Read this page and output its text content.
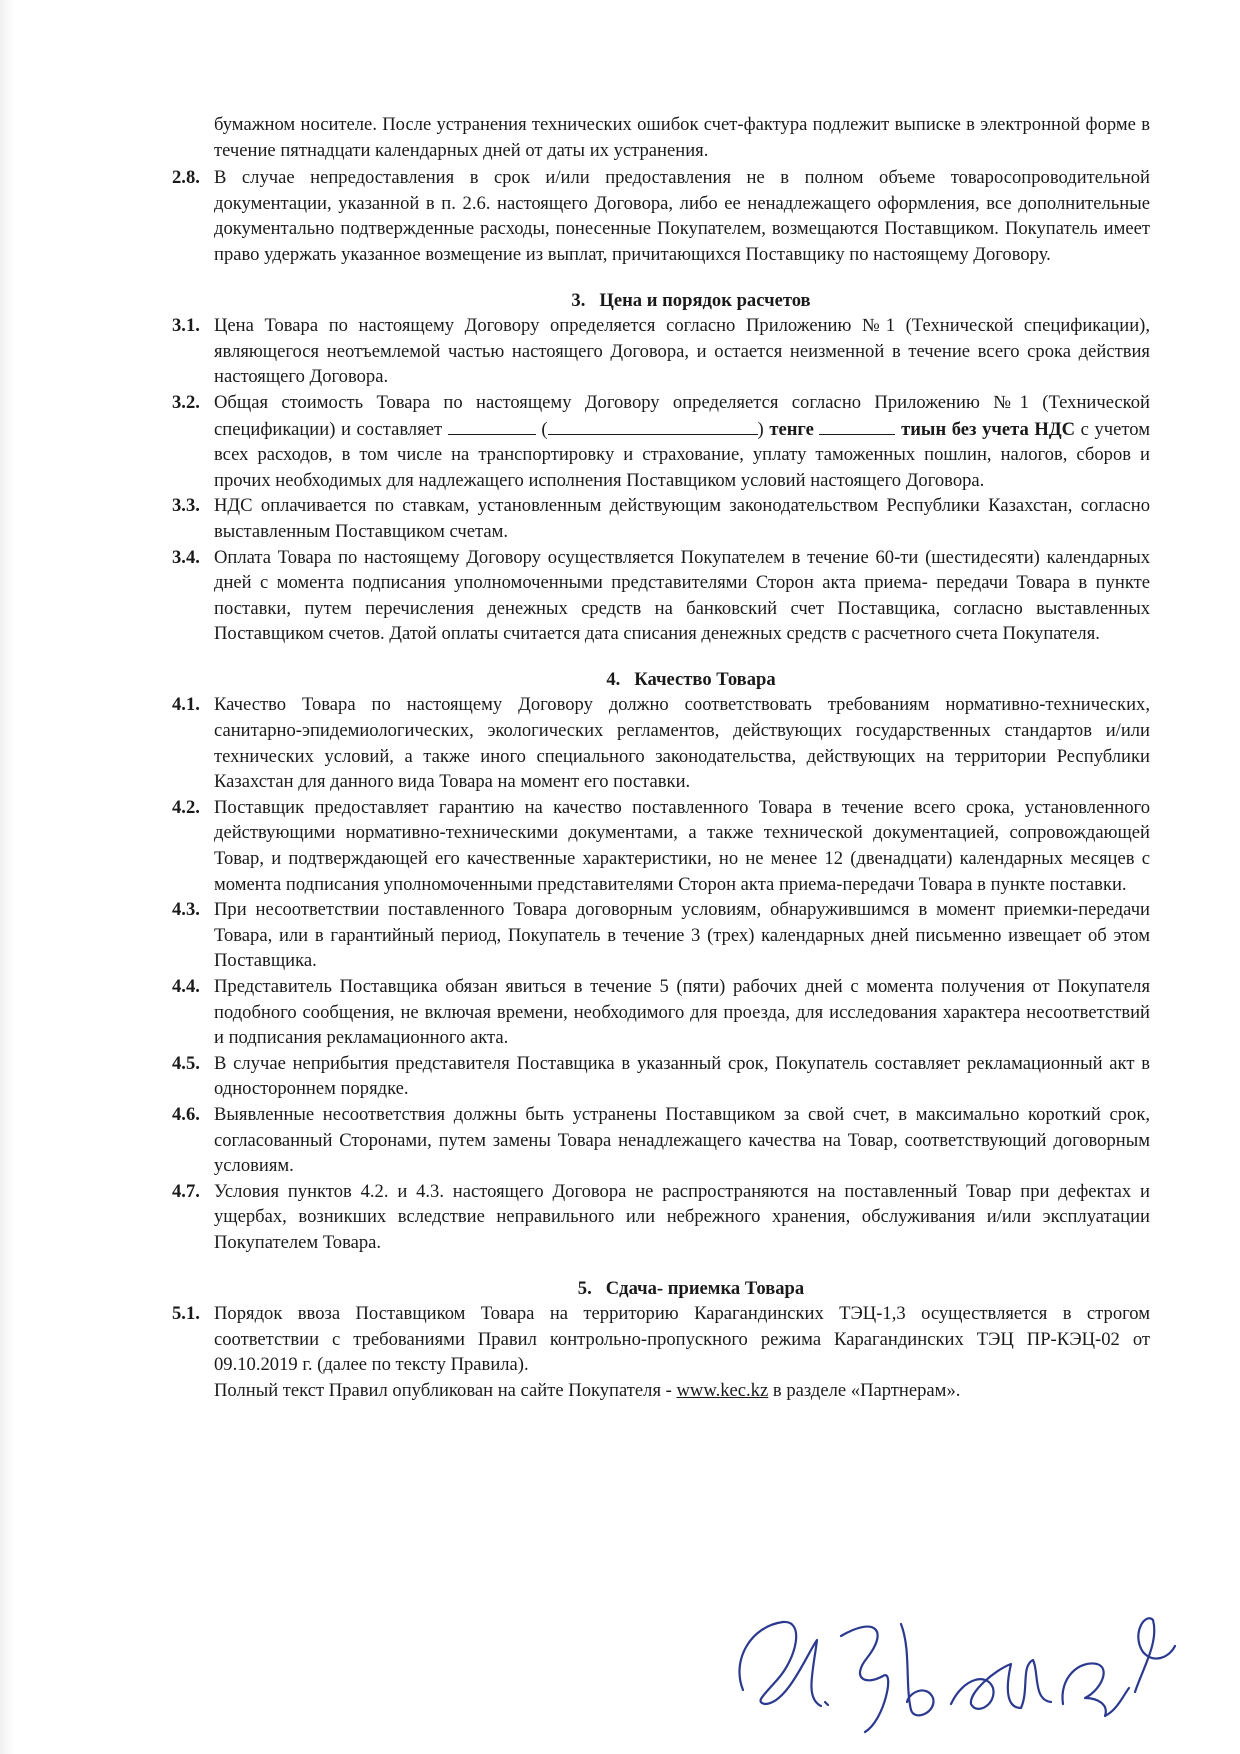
бумажном носителе. После устранения технических ошибок счет-фактура подлежит выписке в электронной форме в течение пятнадцати календарных дней от даты их устранения.

2.8. В случае непредоставления в срок и/или предоставления не в полном объеме товаросопроводительной документации, указанной в п. 2.6. настоящего Договора, либо ее ненадлежащего оформления, все дополнительные документально подтвержденные расходы, понесенные Покупателем, возмещаются Поставщиком. Покупатель имеет право удержать указанное возмещение из выплат, причитающихся Поставщику по настоящему Договору.
3. Цена и порядок расчетов
3.1. Цена Товара по настоящему Договору определяется согласно Приложению №1 (Технической спецификации), являющегося неотъемлемой частью настоящего Договора, и остается неизменной в течение всего срока действия настоящего Договора.
3.2. Общая стоимость Товара по настоящему Договору определяется согласно Приложению №1 (Технической спецификации) и составляет	(	) тенге	тиын без учета НДС с учетом всех расходов, в том числе на транспортировку и страхование, уплату таможенных пошлин, налогов, сборов и прочих необходимых для надлежащего исполнения Поставщиком условий настоящего Договора.
3.3. НДС оплачивается по ставкам, установленным действующим законодательством Республики Казахстан, согласно выставленным Поставщиком счетам.
3.4. Оплата Товара по настоящему Договору осуществляется Покупателем в течение 60-ти (шестидесяти) календарных дней с момента подписания уполномоченными представителями Сторон акта приема- передачи Товара в пункте поставки, путем перечисления денежных средств на банковский счет Поставщика, согласно выставленных Поставщиком счетов. Датой оплаты считается дата списания денежных средств с расчетного счета Покупателя.
4. Качество Товара
4.1. Качество Товара по настоящему Договору должно соответствовать требованиям нормативно-технических, санитарно-эпидемиологических, экологических регламентов, действующих государственных стандартов и/или технических условий, а также иного специального законодательства, действующих на территории Республики Казахстан для данного вида Товара на момент его поставки.
4.2. Поставщик предоставляет гарантию на качество поставленного Товара в течение всего срока, установленного действующими нормативно-техническими документами, а также технической документацией, сопровождающей Товар, и подтверждающей его качественные характеристики, но не менее 12 (двенадцати) календарных месяцев с момента подписания уполномоченными представителями Сторон акта приема-передачи Товара в пункте поставки.
4.3. При несоответствии поставленного Товара договорным условиям, обнаружившимся в момент приемки-передачи Товара, или в гарантийный период, Покупатель в течение 3 (трех) календарных дней письменно извещает об этом Поставщика.
4.4. Представитель Поставщика обязан явиться в течение 5 (пяти) рабочих дней с момента получения от Покупателя подобного сообщения, не включая времени, необходимого для проезда, для исследования характера несоответствий и подписания рекламационного акта.
4.5. В случае неприбытия представителя Поставщика в указанный срок, Покупатель составляет рекламационный акт в одностороннем порядке.
4.6. Выявленные несоответствия должны быть устранены Поставщиком за свой счет, в максимально короткий срок, согласованный Сторонами, путем замены Товара ненадлежащего качества на Товар, соответствующий договорным условиям.
4.7. Условия пунктов 4.2. и 4.3. настоящего Договора не распространяются на поставленный Товар при дефектах и ущербах, возникших вследствие неправильного или небрежного хранения, обслуживания и/или эксплуатации Покупателем Товара.
5. Сдача- приемка Товара
5.1. Порядок ввоза Поставщиком Товара на территорию Карагандинских ТЭЦ-1,3 осуществляется в строгом соответствии с требованиями Правил контрольно-пропускного режима Карагандинских ТЭЦ ПР-КЭЦ-02 от 09.10.2019 г. (далее по тексту Правила).

Полный текст Правил опубликован на сайте Покупателя - www.kec.kz в разделе «Партнерам».
